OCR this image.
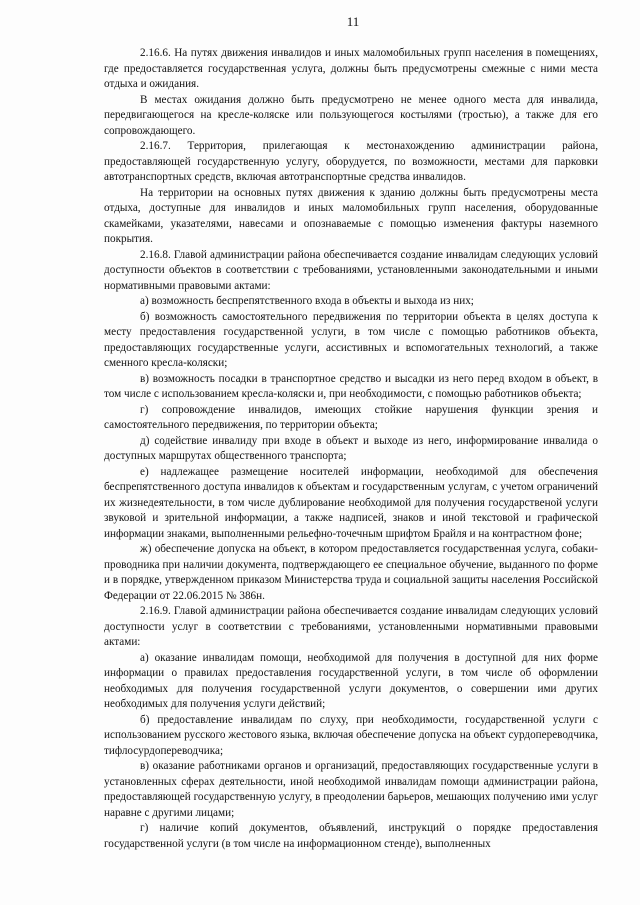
11

2.16.6. На путях движения инвалидов и иных маломобильных групп населения в помещениях, где предоставляется государственная услуга, должны быть предусмотрены смежные с ними места отдыха и ожидания.

В местах ожидания должно быть предусмотрено не менее одного места для инвалида, передвигающегося на кресле-коляске или пользующегося костылями (тростью), а также для его сопровождающего.

2.16.7. Территория, прилегающая к местонахождению администрации района, предоставляющей государственную услугу, оборудуется, по возможности, местами для парковки автотранспортных средств, включая автотранспортные средства инвалидов.

На территории на основных путях движения к зданию должны быть предусмотрены места отдыха, доступные для инвалидов и иных маломобильных групп населения, оборудованные скамейками, указателями, навесами и опознаваемые с помощью изменения фактуры наземного покрытия.

2.16.8. Главой администрации района обеспечивается создание инвалидам следующих условий доступности объектов в соответствии с требованиями, установленными законодательными и иными нормативными правовыми актами:

а) возможность беспрепятственного входа в объекты и выхода из них;

б) возможность самостоятельного передвижения по территории объекта в целях доступа к месту предоставления государственной услуги, в том числе с помощью работников объекта, предоставляющих государственные услуги, ассистивных и вспомогательных технологий, а также сменного кресла-коляски;

в) возможность посадки в транспортное средство и высадки из него перед входом в объект, в том числе с использованием кресла-коляски и, при необходимости, с помощью работников объекта;

г) сопровождение инвалидов, имеющих стойкие нарушения функции зрения и самостоятельного передвижения, по территории объекта;

д) содействие инвалиду при входе в объект и выходе из него, информирование инвалида о доступных маршрутах общественного транспорта;

е) надлежащее размещение носителей информации, необходимой для обеспечения беспрепятственного доступа инвалидов к объектам и государственным услугам, с учетом ограничений их жизнедеятельности, в том числе дублирование необходимой для получения государственой услуги звуковой и зрительной информации, а также надписей, знаков и иной текстовой и графической информации знаками, выполненными рельефно-точечным шрифтом Брайля и на контрастном фоне;

ж) обеспечение допуска на объект, в котором предоставляется государственная услуга, собаки-проводника при наличии документа, подтверждающего ее специальное обучение, выданного по форме и в порядке, утвержденном приказом Министерства труда и социальной защиты населения Российской Федерации от 22.06.2015 № 386н.

2.16.9. Главой администрации района обеспечивается создание инвалидам следующих условий доступности услуг в соответствии с требованиями, установленными нормативными правовыми актами:

а) оказание инвалидам помощи, необходимой для получения в доступной для них форме информации о правилах предоставления государственной услуги, в том числе об оформлении необходимых для получения государственной услуги документов, о совершении ими других необходимых для получения услуги действий;

б) предоставление инвалидам по слуху, при необходимости, государственной услуги с использованием русского жестового языка, включая обеспечение допуска на объект сурдопереводчика, тифлосурдопереводчика;

в) оказание работниками органов и организаций, предоставляющих государственные услуги в установленных сферах деятельности, иной необходимой инвалидам помощи администрации района, предоставляющей государственную услугу, в преодолении барьеров, мешающих получению ими услуг наравне с другими лицами;

г) наличие копий документов, объявлений, инструкций о порядке предоставления государственной услуги (в том числе на информационном стенде), выполненных
